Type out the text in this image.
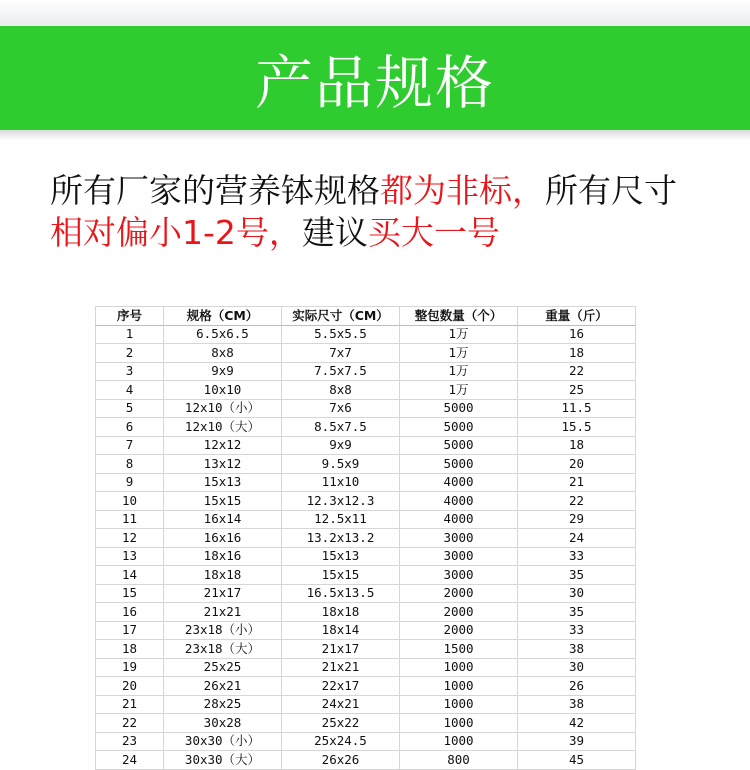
产品规格
所有厂家的营养钵规格都为非标，所有尺寸
相对偏小1-2号，建议买大一号
序号	规格（CM）	实际尺寸（CM）	整包数量（个）	重量（斤）
1	6.5x6.5	5.5x5.5	1万	16
2	8x8	7x7	1万	18
3	9x9	7.5x7.5	1万	22
4	10x10	8x8	1万	25
5	12x10（小）	7x6	5000	11.5
6	12x10（大）	8.5x7.5	5000	15.5
7	12x12	9x9	5000	18
8	13x12	9.5x9	5000	20
9	15x13	11x10	4000	21
10	15x15	12.3x12.3	4000	22
11	16x14	12.5x11	4000	29
12	16x16	13.2x13.2	3000	24
13	18x16	15x13	3000	33
14	18x18	15x15	3000	35
15	21x17	16.5x13.5	2000	30
16	21x21	18x18	2000	35
17	23x18（小）	18x14	2000	33
18	23x18（大）	21x17	1500	38
19	25x25	21x21	1000	30
20	26x21	22x17	1000	26
21	28x25	24x21	1000	38
22	30x28	25x22	1000	42
23	30x30（小）	25x24.5	1000	39
24	30x30（大）	26x26	800	45
